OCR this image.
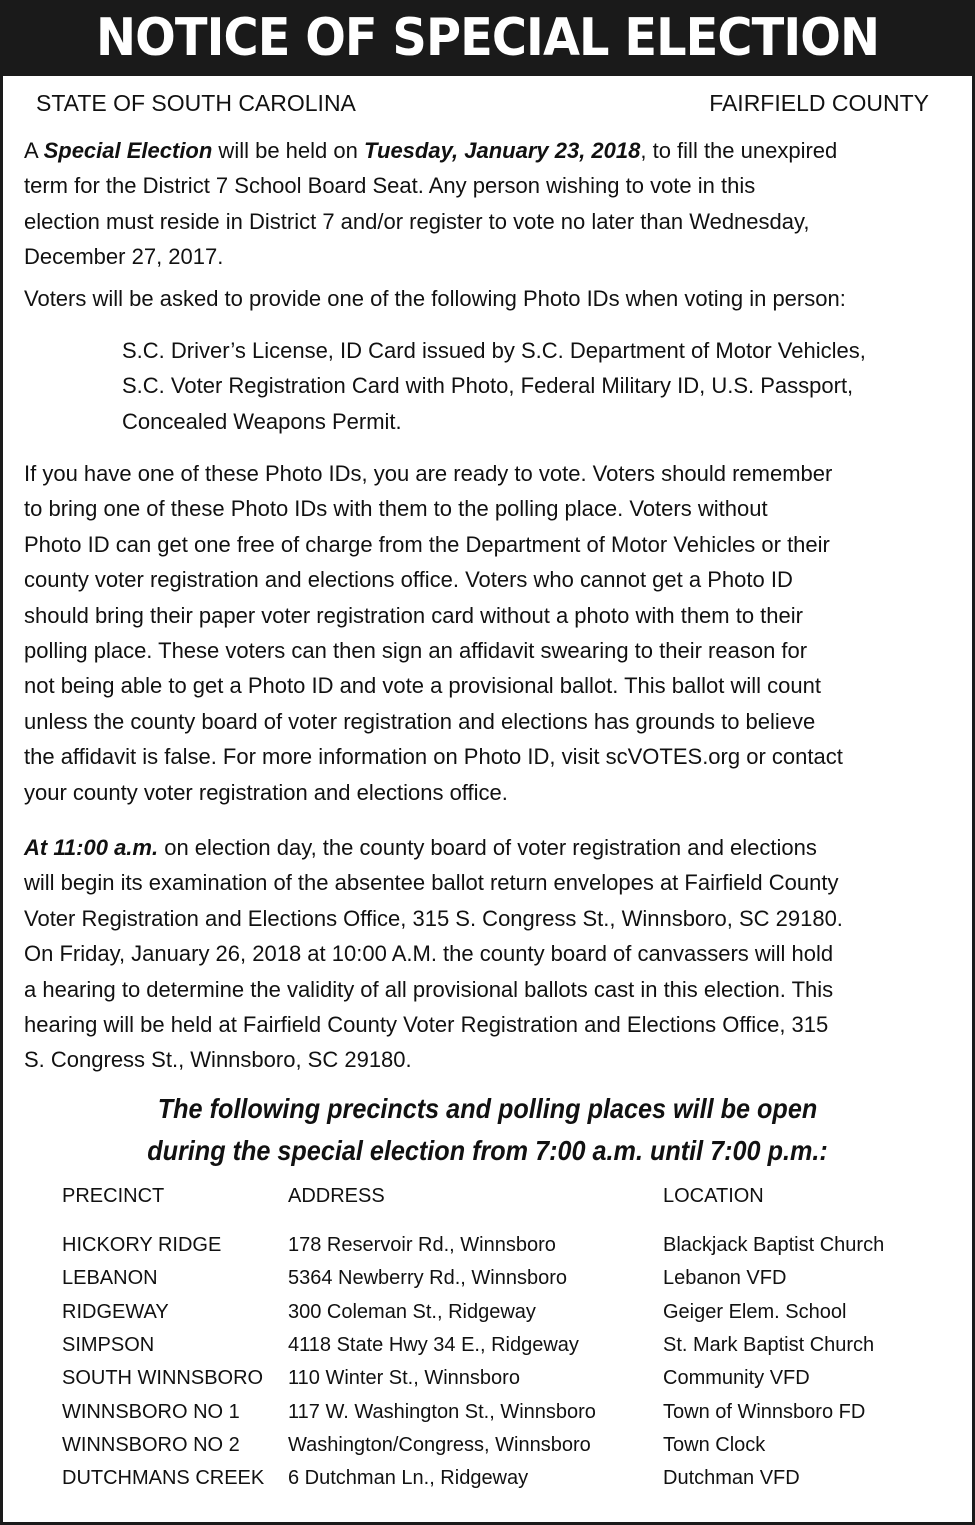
NOTICE OF SPECIAL ELECTION
STATE OF SOUTH CAROLINA	FAIRFIELD COUNTY
A Special Election will be held on Tuesday, January 23, 2018, to fill the unexpired
term for the District 7 School Board Seat. Any person wishing to vote in this
election must reside in District 7 and/or register to vote no later than Wednesday,
December 27, 2017.
Voters will be asked to provide one of the following Photo IDs when voting in person:
S.C. Driver’s License, ID Card issued by S.C. Department of Motor Vehicles,
S.C. Voter Registration Card with Photo, Federal Military ID, U.S. Passport,
Concealed Weapons Permit.
If you have one of these Photo IDs, you are ready to vote. Voters should remember
to bring one of these Photo IDs with them to the polling place. Voters without
Photo ID can get one free of charge from the Department of Motor Vehicles or their
county voter registration and elections office. Voters who cannot get a Photo ID
should bring their paper voter registration card without a photo with them to their
polling place. These voters can then sign an affidavit swearing to their reason for
not being able to get a Photo ID and vote a provisional ballot. This ballot will count
unless the county board of voter registration and elections has grounds to believe
the affidavit is false. For more information on Photo ID, visit scVOTES.org or contact
your county voter registration and elections office.
At 11:00 a.m. on election day, the county board of voter registration and elections
will begin its examination of the absentee ballot return envelopes at Fairfield County
Voter Registration and Elections Office, 315 S. Congress St., Winnsboro, SC 29180.
On Friday, January 26, 2018 at 10:00 A.M. the county board of canvassers will hold
a hearing to determine the validity of all provisional ballots cast in this election. This
hearing will be held at Fairfield County Voter Registration and Elections Office, 315
S. Congress St., Winnsboro, SC 29180.
The following precincts and polling places will be open
during the special election from 7:00 a.m. until 7:00 p.m.:
PRECINCT	ADDRESS	LOCATION
HICKORY RIDGE	178 Reservoir Rd., Winnsboro	Blackjack Baptist Church
LEBANON	5364 Newberry Rd., Winnsboro	Lebanon VFD
RIDGEWAY	300 Coleman St., Ridgeway	Geiger Elem. School
SIMPSON	4118 State Hwy 34 E., Ridgeway	St. Mark Baptist Church
SOUTH WINNSBORO	110 Winter St., Winnsboro	Community VFD
WINNSBORO NO 1	117 W. Washington St., Winnsboro	Town of Winnsboro FD
WINNSBORO NO 2	Washington/Congress, Winnsboro	Town Clock
DUTCHMANS CREEK	6 Dutchman Ln., Ridgeway	Dutchman VFD
